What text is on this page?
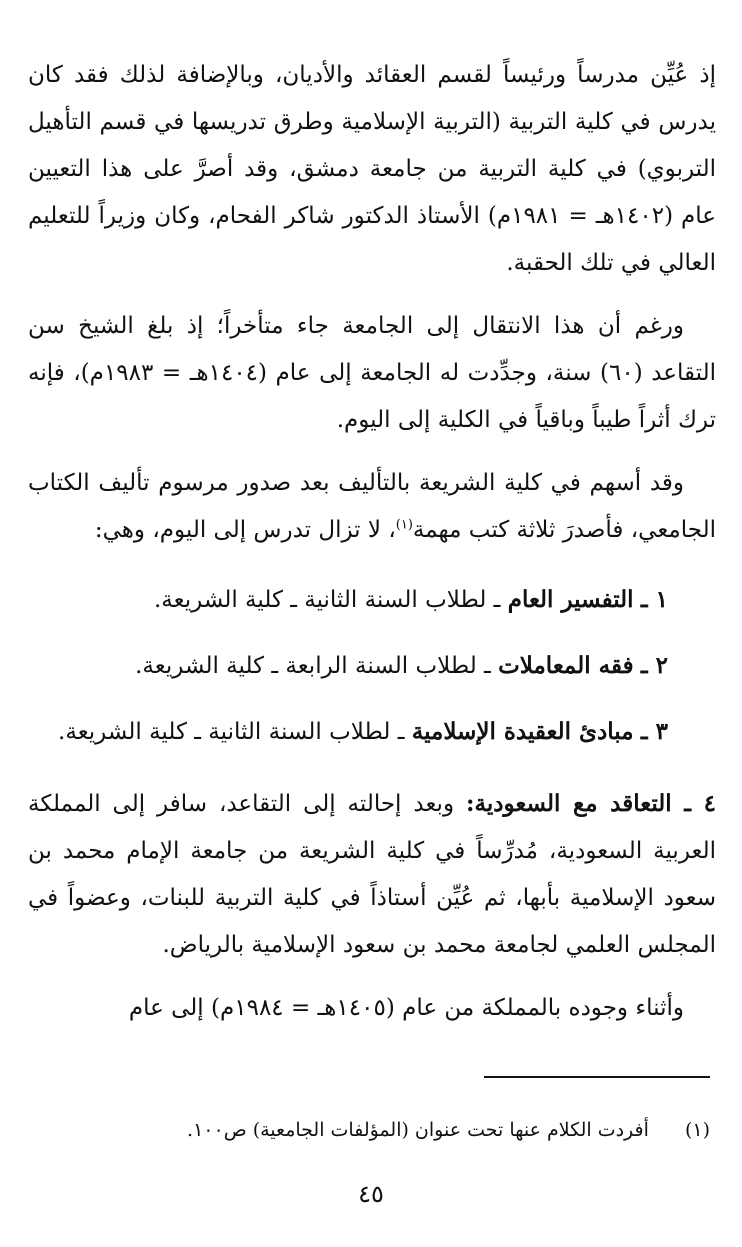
إذ عُيِّن مدرساً ورئيساً لقسم العقائد والأديان، وبالإضافة لذلك فقد كان يدرس في كلية التربية (التربية الإسلامية وطرق تدريسها في قسم التأهيل التربوي) في كلية التربية من جامعة دمشق، وقد أصرَّ على هذا التعيين عام (١٤٠٢هـ = ١٩٨١م) الأستاذ الدكتور شاكر الفحام، وكان وزيراً للتعليم العالي في تلك الحقبة.

ورغم أن هذا الانتقال إلى الجامعة جاء متأخراً؛ إذ بلغ الشيخ سن التقاعد (٦٠) سنة، وجدِّدت له الجامعة إلى عام (١٤٠٤هـ = ١٩٨٣م)، فإنه ترك أثراً طيباً وباقياً في الكلية إلى اليوم.

وقد أسهم في كلية الشريعة بالتأليف بعد صدور مرسوم تأليف الكتاب الجامعي، فأصدرَ ثلاثة كتب مهمة$^{(١)}$، لا تزال تدرس إلى اليوم، وهي:

١ ـ التفسير العام ـ لطلاب السنة الثانية ـ كلية الشريعة.
٢ ـ فقه المعاملات ـ لطلاب السنة الرابعة ـ كلية الشريعة.
٣ ـ مبادئ العقيدة الإسلامية ـ لطلاب السنة الثانية ـ كلية الشريعة.

٤ ـ التعاقد مع السعودية: وبعد إحالته إلى التقاعد، سافر إلى المملكة العربية السعودية، مُدرِّساً في كلية الشريعة من جامعة الإمام محمد بن سعود الإسلامية بأبها، ثم عُيِّن أستاذاً في كلية التربية للبنات، وعضواً في المجلس العلمي لجامعة محمد بن سعود الإسلامية بالرياض.

وأثناء وجوده بالمملكة من عام (١٤٠٥هـ = ١٩٨٤م) إلى عام

(١) أفردت الكلام عنها تحت عنوان (المؤلفات الجامعية) ص١٠٠.
٤٥
